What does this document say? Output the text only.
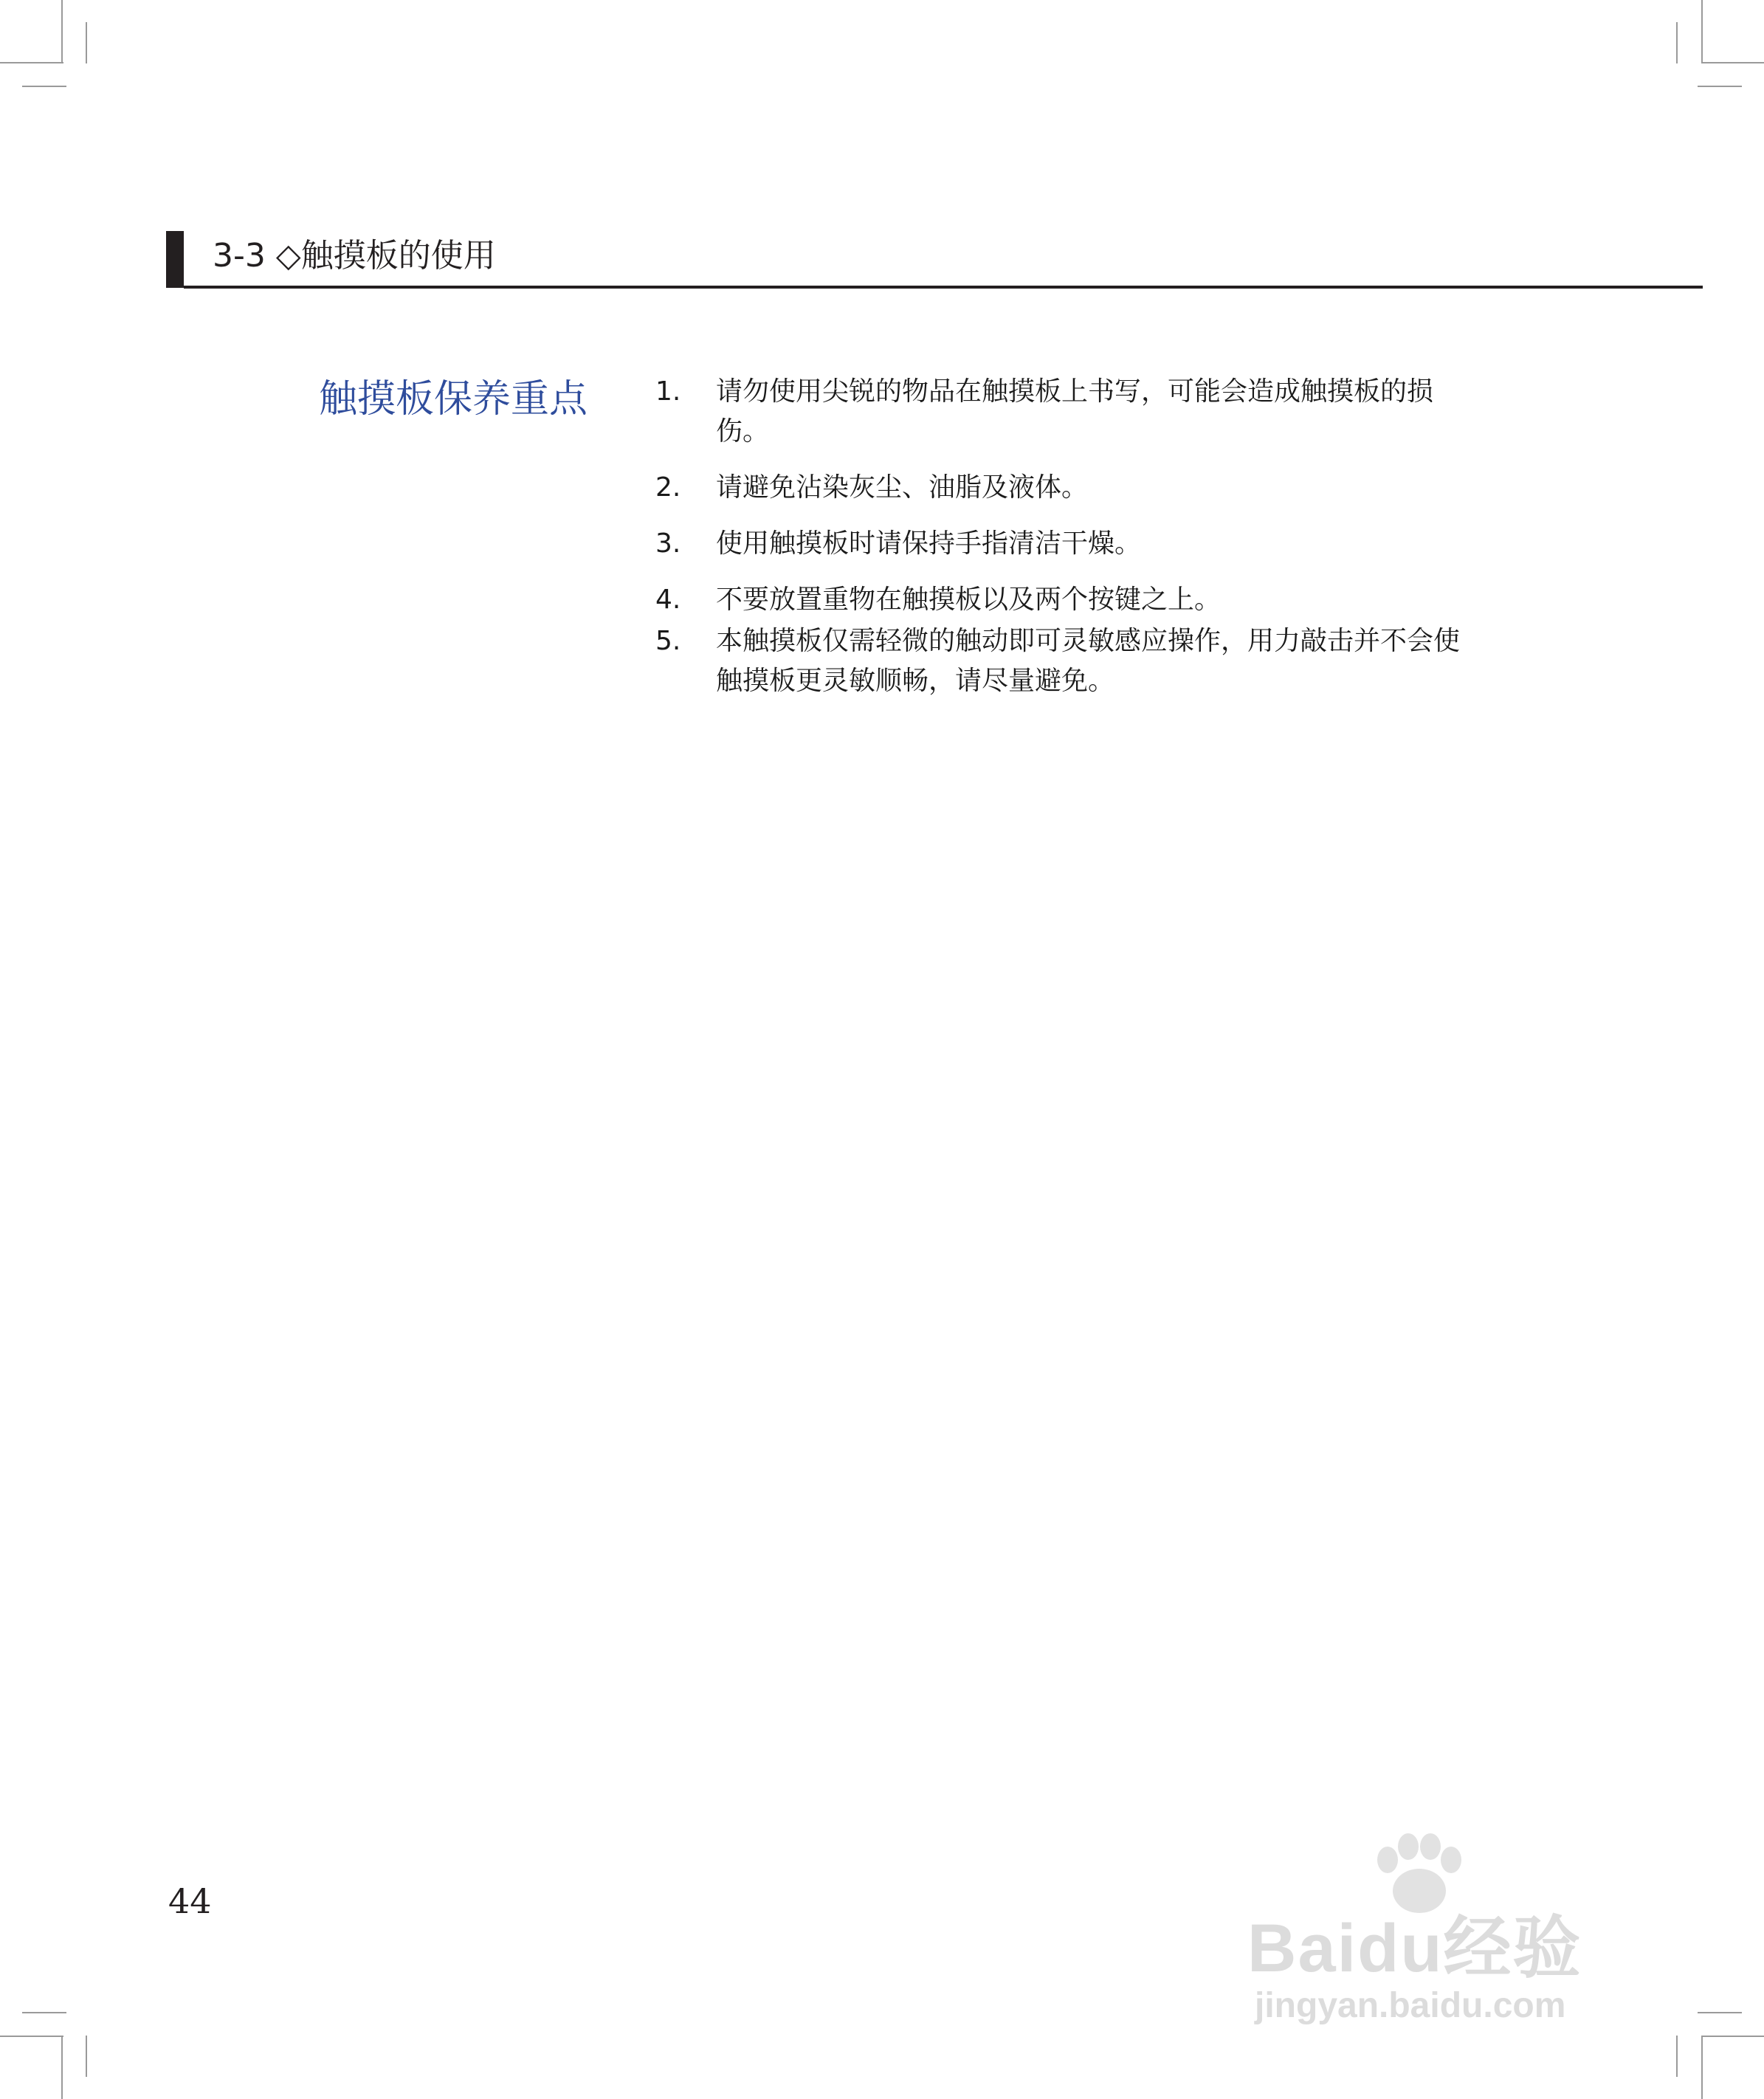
3-3 ◇触摸板的使用
触摸板保养重点	1.	请勿使用尖锐的物品在触摸板上书写，可能会造成触摸板的损伤。
2.	请避免沾染灰尘、油脂及液体。
3.	使用触摸板时请保持手指清洁干燥。
4.	不要放置重物在触摸板以及两个按键之上。
5.	本触摸板仅需轻微的触动即可灵敏感应操作，用力敲击并不会使触摸板更灵敏顺畅，请尽量避免。
44
Baidu经验
jingyan.baidu.com
